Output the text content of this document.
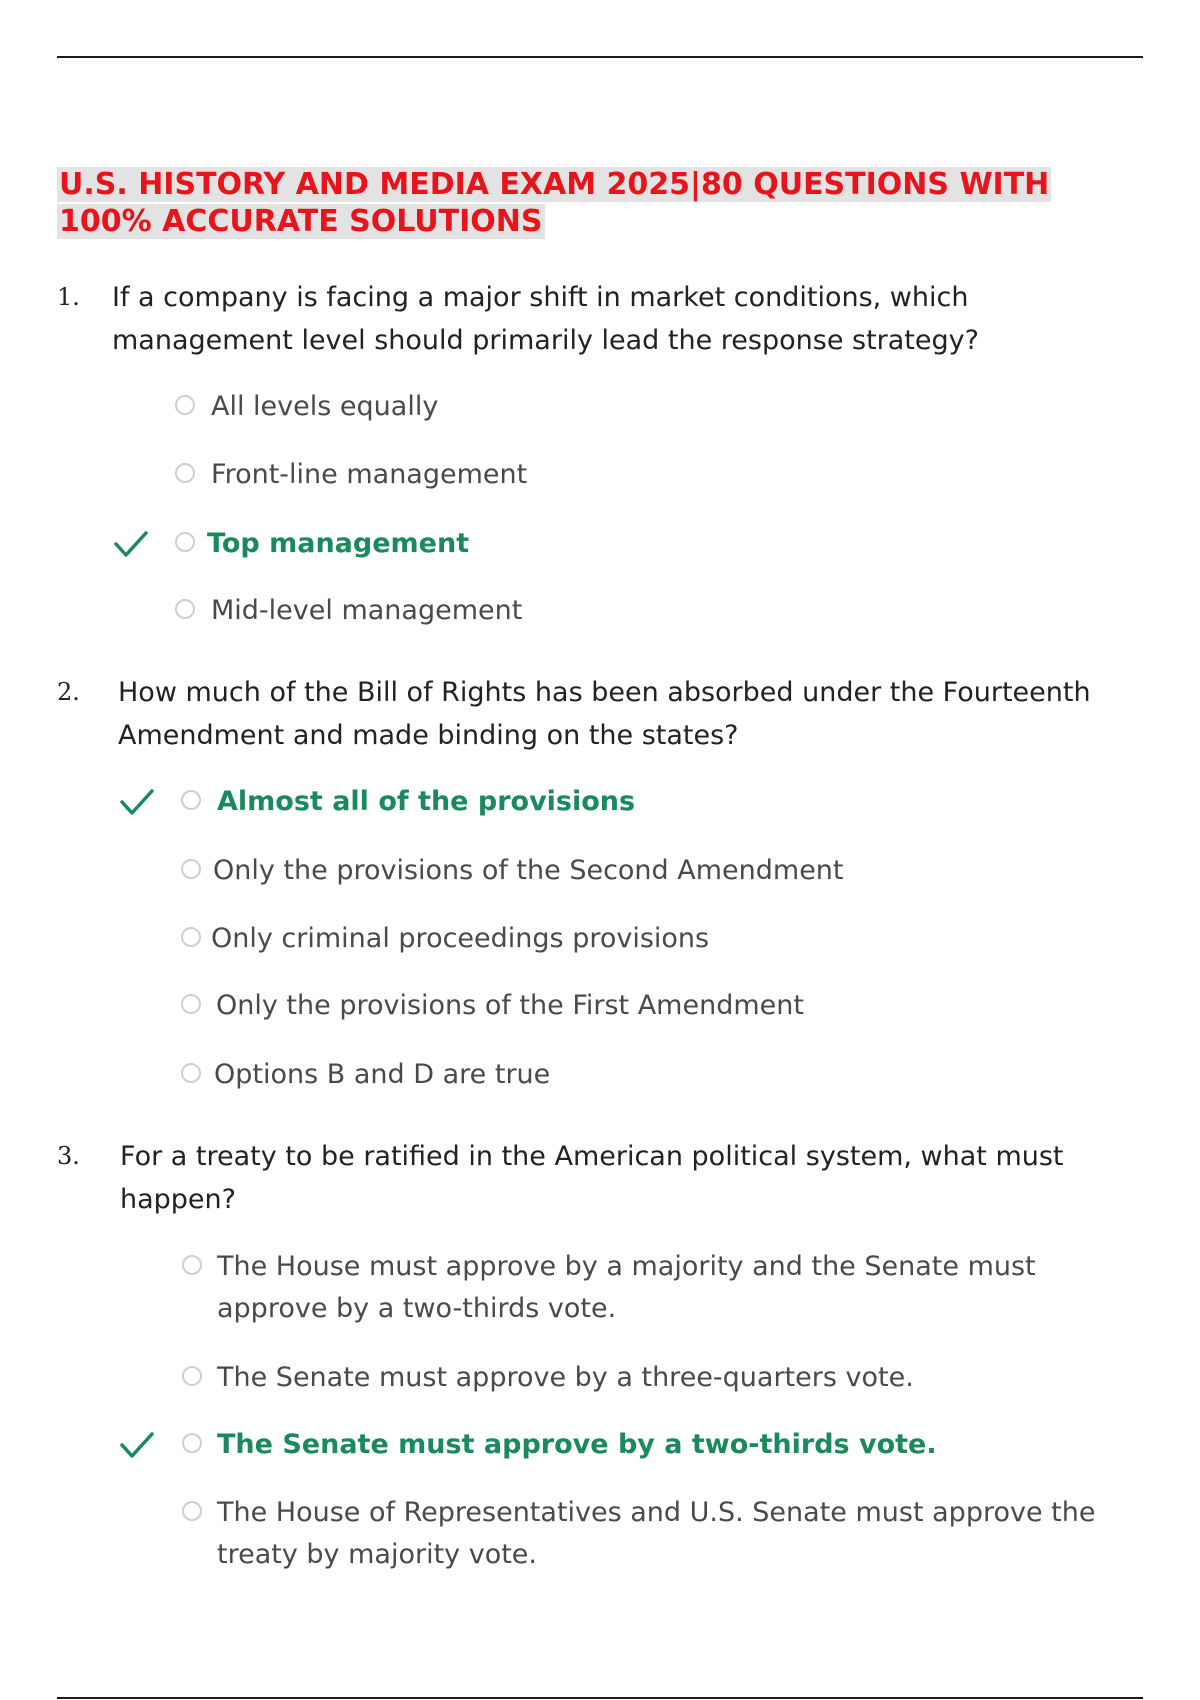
U.S. HISTORY AND MEDIA EXAM 2025|80 QUESTIONS WITH
100% ACCURATE SOLUTIONS
1. If a company is facing a major shift in market conditions, which management level should primarily lead the response strategy?
All levels equally
Front-line management
Top management
Mid-level management
2. How much of the Bill of Rights has been absorbed under the Fourteenth Amendment and made binding on the states?
Almost all of the provisions
Only the provisions of the Second Amendment
Only criminal proceedings provisions
Only the provisions of the First Amendment
Options B and D are true
3. For a treaty to be ratified in the American political system, what must happen?
The House must approve by a majority and the Senate must approve by a two-thirds vote.
The Senate must approve by a three-quarters vote.
The Senate must approve by a two-thirds vote.
The House of Representatives and U.S. Senate must approve the treaty by majority vote.
